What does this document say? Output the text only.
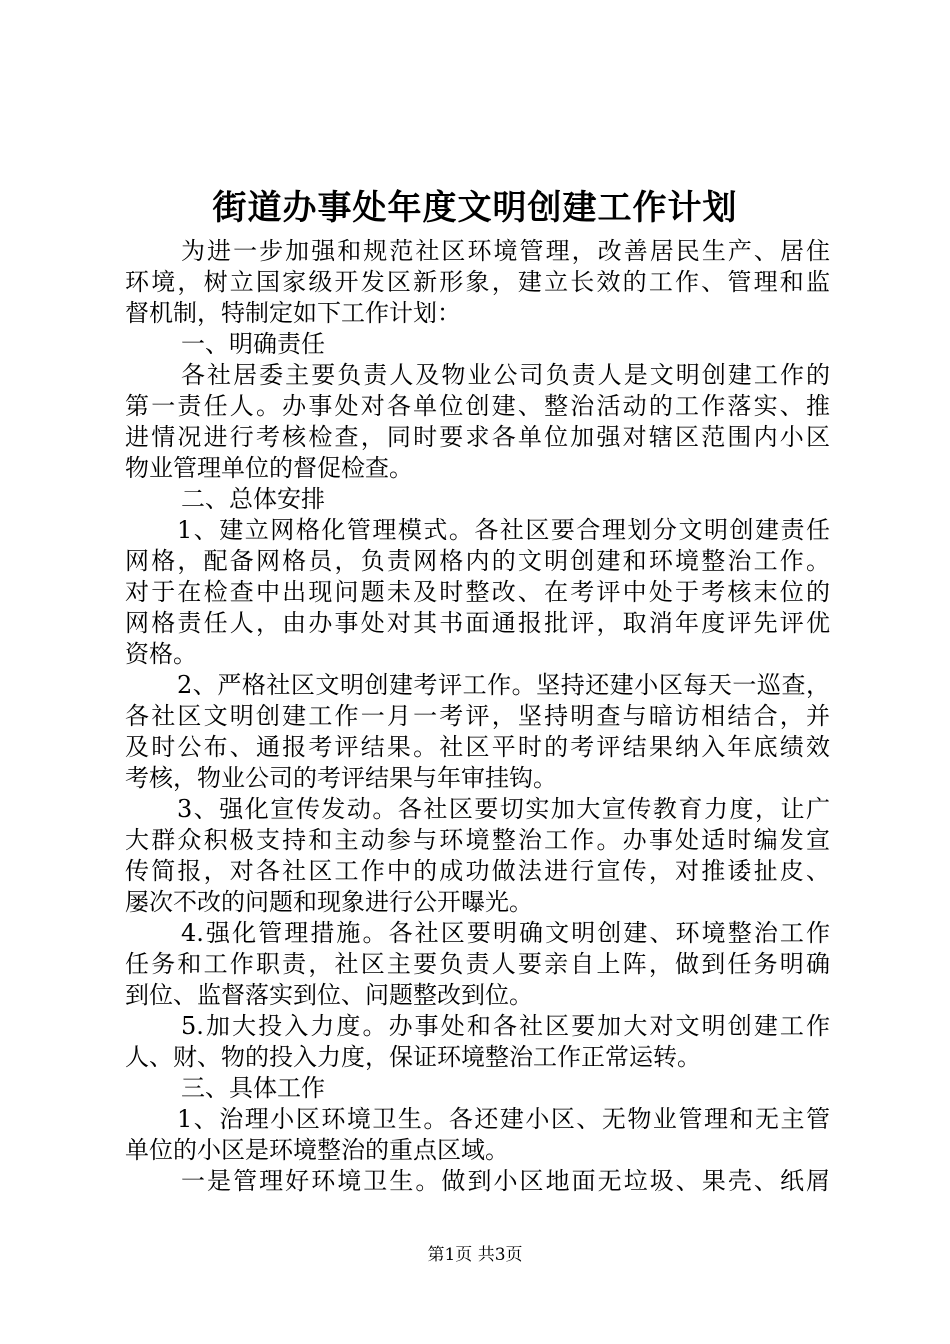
街道办事处年度文明创建工作计划
为进一步加强和规范社区环境管理，改善居民生产、居住
环境，树立国家级开发区新形象，建立长效的工作、管理和监
督机制，特制定如下工作计划：
一、明确责任
各社居委主要负责人及物业公司负责人是文明创建工作的
第一责任人。办事处对各单位创建、整治活动的工作落实、推
进情况进行考核检查，同时要求各单位加强对辖区范围内小区
物业管理单位的督促检查。
二、总体安排
1、建立网格化管理模式。各社区要合理划分文明创建责任
网格，配备网格员，负责网格内的文明创建和环境整治工作。
对于在检查中出现问题未及时整改、在考评中处于考核末位的
网格责任人，由办事处对其书面通报批评，取消年度评先评优
资格。
2、严格社区文明创建考评工作。坚持还建小区每天一巡查，
各社区文明创建工作一月一考评，坚持明查与暗访相结合，并
及时公布、通报考评结果。社区平时的考评结果纳入年底绩效
考核，物业公司的考评结果与年审挂钩。
3、强化宣传发动。各社区要切实加大宣传教育力度，让广
大群众积极支持和主动参与环境整治工作。办事处适时编发宣
传简报，对各社区工作中的成功做法进行宣传，对推诿扯皮、
屡次不改的问题和现象进行公开曝光。
4.强化管理措施。各社区要明确文明创建、环境整治工作
任务和工作职责，社区主要负责人要亲自上阵，做到任务明确
到位、监督落实到位、问题整改到位。
5.加大投入力度。办事处和各社区要加大对文明创建工作
人、财、物的投入力度，保证环境整治工作正常运转。
三、具体工作
1、治理小区环境卫生。各还建小区、无物业管理和无主管
单位的小区是环境整治的重点区域。
一是管理好环境卫生。做到小区地面无垃圾、果壳、纸屑
第1页 共3页
